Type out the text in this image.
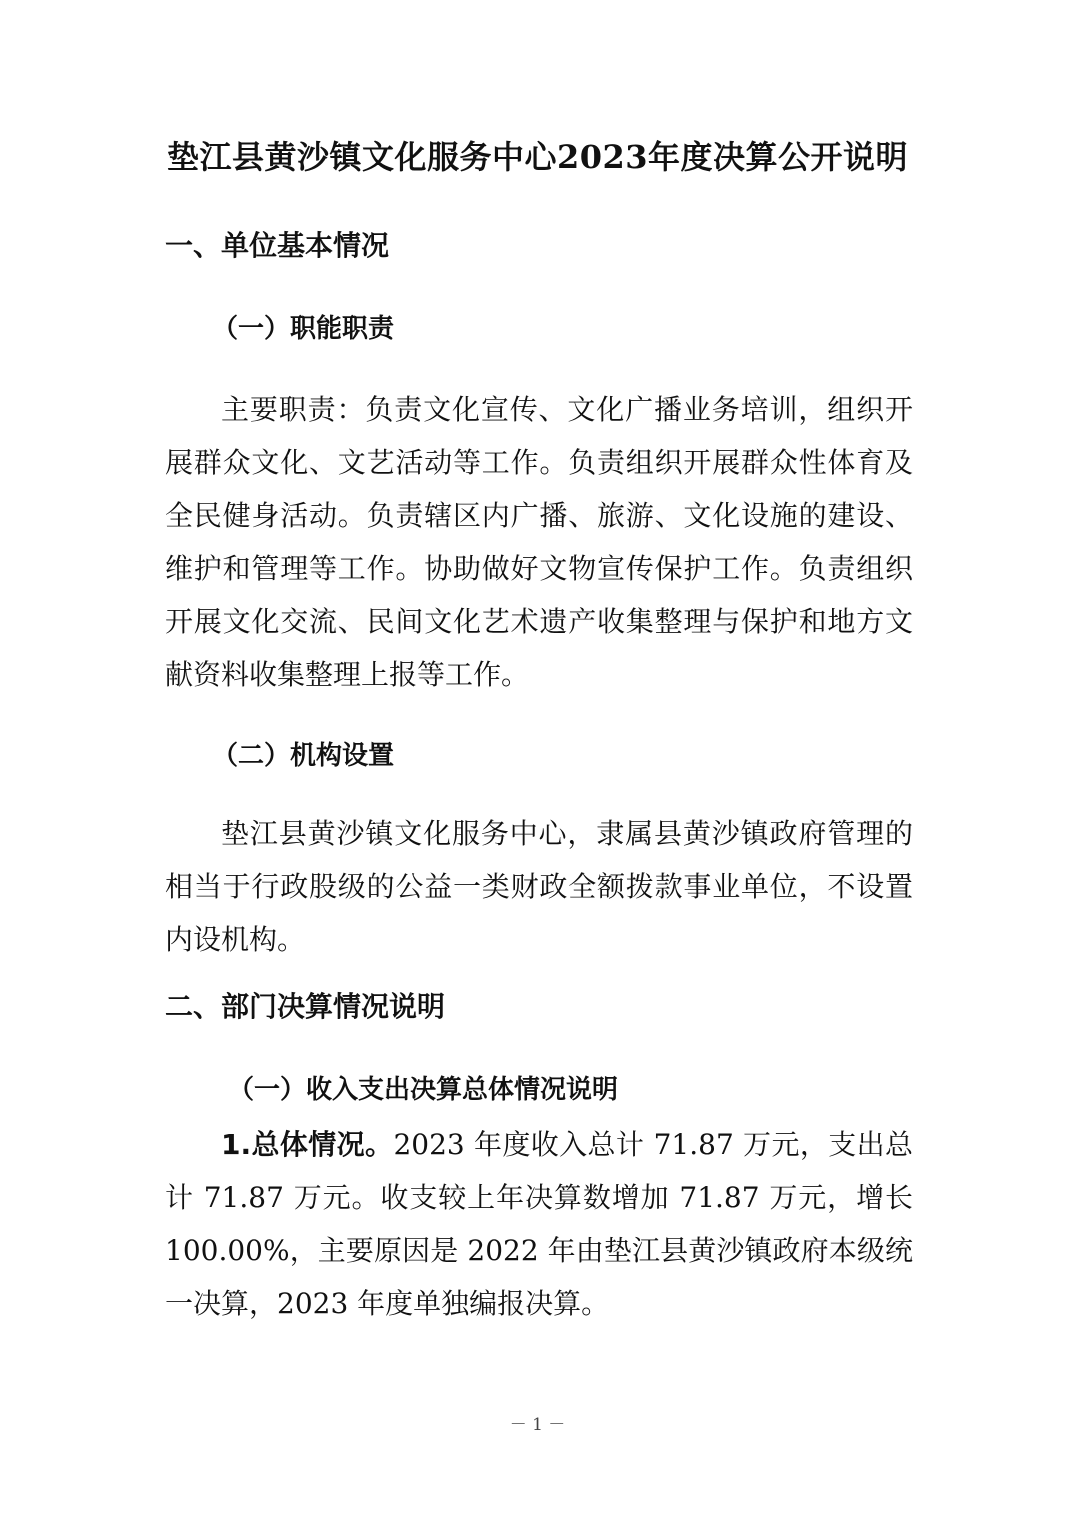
垫江县黄沙镇文化服务中心2023年度决算公开说明
一、单位基本情况
（一）职能职责

主要职责：负责文化宣传、文化广播业务培训，组织开展群众文化、文艺活动等工作。负责组织开展群众性体育及全民健身活动。负责辖区内广播、旅游、文化设施的建设、维护和管理等工作。协助做好文物宣传保护工作。负责组织开展文化交流、民间文化艺术遗产收集整理与保护和地方文献资料收集整理上报等工作。

（二）机构设置

垫江县黄沙镇文化服务中心，隶属县黄沙镇政府管理的相当于行政股级的公益一类财政全额拨款事业单位，不设置内设机构。

二、部门决算情况说明
（一）收入支出决算总体情况说明

1.总体情况。2023 年度收入总计 71.87 万元，支出总计 71.87 万元。收支较上年决算数增加 71.87 万元，增长 100.00%，主要原因是 2022 年由垫江县黄沙镇政府本级统一决算，2023 年度单独编报决算。

－ 1 －
